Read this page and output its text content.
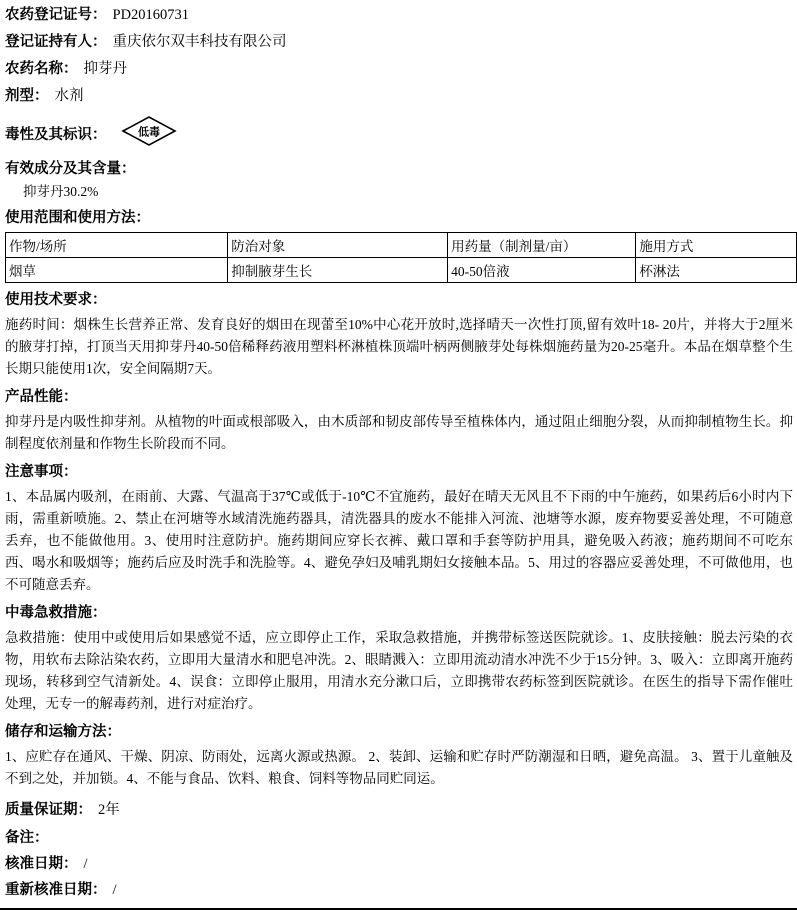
农药登记证号： PD20160731
登记证持有人： 重庆依尔双丰科技有限公司
农药名称： 抑芽丹
剂型： 水剂
毒性及其标识：	低毒
有效成分及其含量：
抑芽丹30.2%
使用范围和使用方法：
作物/场所	防治对象	用药量（制剂量/亩）	施用方式
烟草	抑制腋芽生长	40-50倍液	杯淋法
使用技术要求：
施药时间：烟株生长营养正常、发育良好的烟田在现蕾至10%中心花开放时,选择晴天一次性打顶,留有效叶18- 20片，并将大于2厘米的腋芽打掉，打顶当天用抑芽丹40-50倍稀释药液用塑料杯淋植株顶端叶柄两侧腋芽处每株烟施药量为20-25毫升。本品在烟草整个生长期只能使用1次，安全间隔期7天。
产品性能：
抑芽丹是内吸性抑芽剂。从植物的叶面或根部吸入，由木质部和韧皮部传导至植株体内，通过阻止细胞分裂，从而抑制植物生长。抑制程度依剂量和作物生长阶段而不同。
注意事项：
1、本品属内吸剂，在雨前、大露、气温高于37℃或低于-10℃不宜施药，最好在晴天无风且不下雨的中午施药，如果药后6小时内下雨，需重新喷施。2、禁止在河塘等水域清洗施药器具，清洗器具的废水不能排入河流、池塘等水源，废弃物要妥善处理，不可随意丢弃，也不能做他用。3、使用时注意防护。施药期间应穿长衣裤、戴口罩和手套等防护用具，避免吸入药液；施药期间不可吃东西、喝水和吸烟等；施药后应及时洗手和洗脸等。4、避免孕妇及哺乳期妇女接触本品。5、用过的容器应妥善处理，不可做他用，也不可随意丢弃。
中毒急救措施：
急救措施：使用中或使用后如果感觉不适，应立即停止工作，采取急救措施，并携带标签送医院就诊。1、皮肤接触：脱去污染的衣物，用软布去除沾染农药，立即用大量清水和肥皂冲洗。2、眼睛溅入：立即用流动清水冲洗不少于15分钟。3、吸入：立即离开施药现场，转移到空气清新处。4、误食：立即停止服用，用清水充分漱口后，立即携带农药标签到医院就诊。在医生的指导下需作催吐处理，无专一的解毒药剂，进行对症治疗。
储存和运输方法：
1、应贮存在通风、干燥、阴凉、防雨处，远离火源或热源。 2、装卸、运输和贮存时严防潮湿和日晒，避免高温。 3、置于儿童触及不到之处，并加锁。4、不能与食品、饮料、粮食、饲料等物品同贮同运。
质量保证期： 2年
备注：
核准日期： /
重新核准日期： /
